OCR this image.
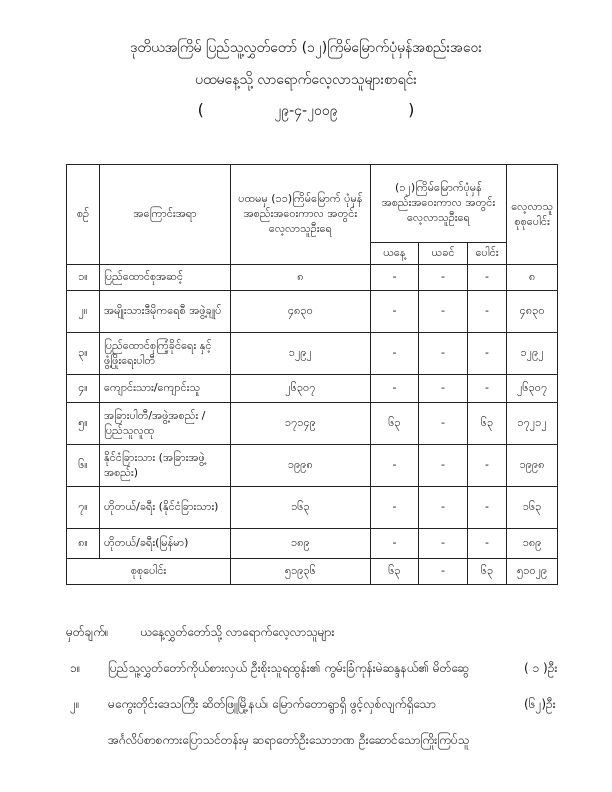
ဒုတိယအကြိမ် ပြည်သူ့လွှတ်တော် (၁၂)ကြိမ်မြောက်ပုံမှန်အစည်းအဝေး
ပထမနေ့သို့ လာရောက်လေ့လာသူများစာရင်း
(	၂၉-၄-၂၀၀၉	)
စဉ်	အကြောင်းအရာ	ပထမမှ (၁၁)ကြိမ်မြောက် ပုံမှန်အစည်းအဝေးကာလ အတွင်းလေ့လာသူဦးရေ	(၁၂)ကြိမ်မြောက်ပုံမှန် အစည်းအဝေးကာလ အတွင်းလေ့လာသူဦးရေ			လေ့လာသူ စုစုပေါင်း
			ယနေ့	ယခင်	ပေါင်း	
၁။	ပြည်ထောင်စုအဆင့်	၈	-	-	-	၈
၂။	အမျိုးသားဒီမိုကရေစီ အဖွဲ့ချုပ်	၄၈၃၀	-	-	-	၄၈၃၀
၃။	ပြည်ထောင်စုကြံ့ခိုင်ရေး နှင့်ဖွံ့ဖြိုးရေးပါတီ	၁၂၉၂	-	-	-	၁၂၉၂
၄။	ကျောင်းသား/ကျောင်းသူ	၂၆၃၀၇	-	-	-	၂၆၃၀၇
၅။	အခြားပါတီ/အဖွဲ့အစည်း / ပြည်သူလူထု	၁၇၁၄၉	၆၃	-	၆၃	၁၇၂၁၂
၆။	နိုင်ငံခြားသား (အခြားအဖွဲ့အစည်း)	၁၉၉၈	-	-	-	၁၉၉၈
၇။	ဟိုတယ်/ခရီး (နိုင်ငံခြားသား)	၁၆၃	-	-	-	၁၆၃
၈။	ဟိုတယ်/ခရီး(မြန်မာ)	၁၈၉	-	-	-	၁၈၉
စုစုပေါင်း		၅၁၉၃၆	၆၃	-	၆၃	၅၁၀၂၉
မှတ်ချက်။	ယနေ့လွှတ်တော်သို့ လာရောက်လေ့လာသူများ
၁။ ပြည်သူ့လွှတ်တော်ကိုယ်စားလှယ် ဦးစိုးသူရထွန်း၏ ကွမ်းခြံကုန်းမဲဆန္ဒနယ်၏ မိတ်ဆွေ	( ၁ )ဦး
၂။ မကွေးတိုင်းဒေသကြီး ဆိတ်ဖြူမြို့နယ်၊ မြောက်တောရွာရှိ ဖွင့်လှစ်လျက်ရှိသော	(၆၂)ဦး
အင်္ဂလိပ်စာစကားပြောသင်တန်းမှ ဆရာတော်ဦးသောဘဏ ဦးဆောင်သောကြိုးကြပ်သူ
